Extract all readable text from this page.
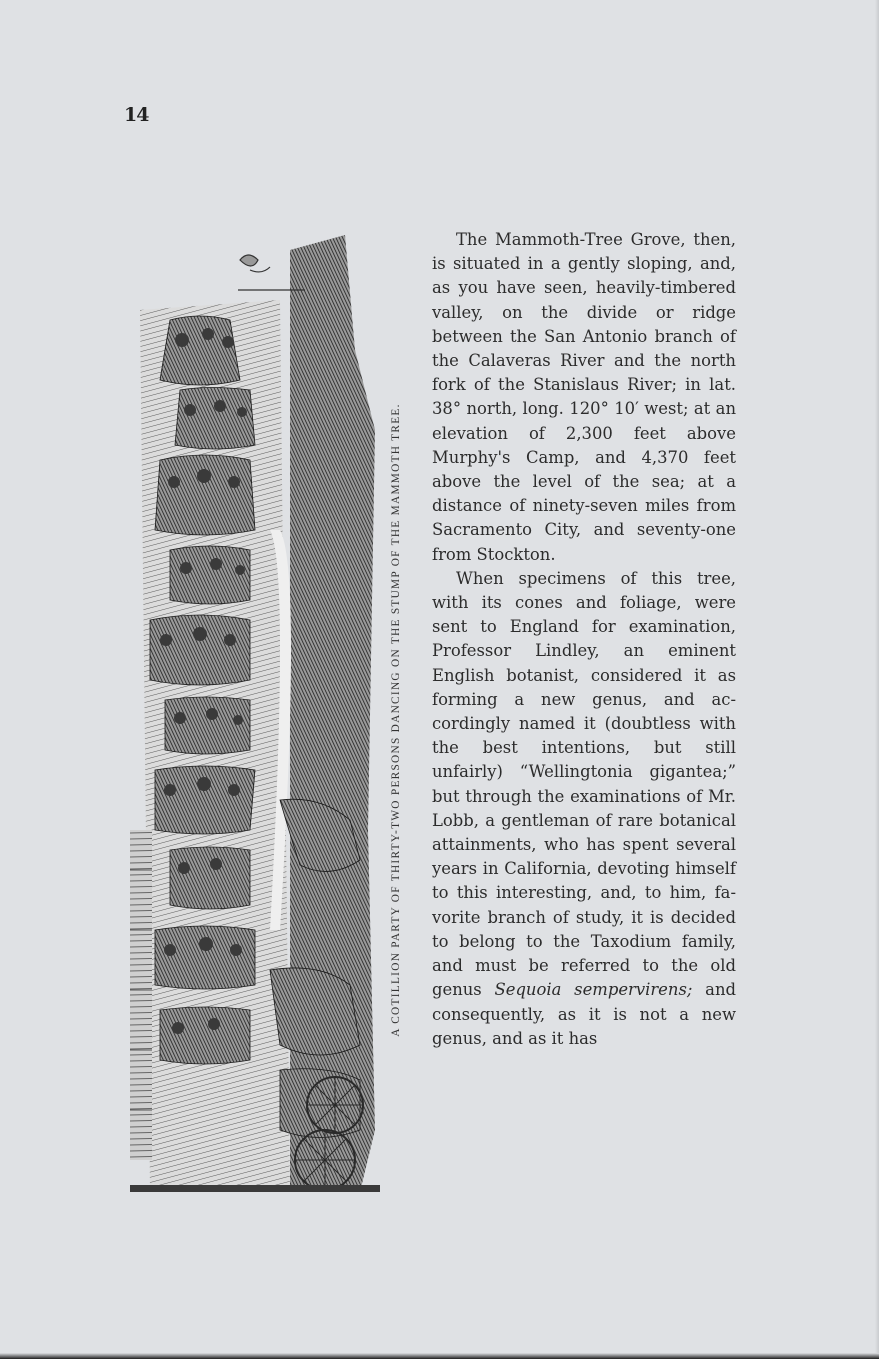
14
A COTILLION PARTY OF THIRTY-TWO PERSONS DANCING ON THE STUMP OF THE MAMMOTH TREE.

The Mammoth-Tree Grove, then, is situated in a gently sloping, and, as you have seen, heavily-timbered valley, on the divide or ridge between the San Antonio branch of the Calaveras River and the north fork of the Stanislaus River; in lat. 38° north, long. 120° 10′ west; at an elevation of 2,300 feet above Murphy's Camp, and 4,370 feet above the level of the sea; at a distance of ninety-seven miles from Sacramento City, and seventy-one from Stockton.

When specimens of this tree, with its cones and foliage, were sent to England for examination, Professor Lindley, an eminent English botanist, considered it as forming a new genus, and accordingly named it (doubtless with the best intentions, but still unfairly) “Wellingtonia gigantea;” but through the examinations of Mr. Lobb, a gentleman of rare botanical attainments, who has spent several years in California, devoting himself to this interesting, and, to him, favorite branch of study, it is decided to belong to the Taxodium family, and must be referred to the old genus Sequoia sempervirens; and consequently, as it is not a new genus, and as it has
